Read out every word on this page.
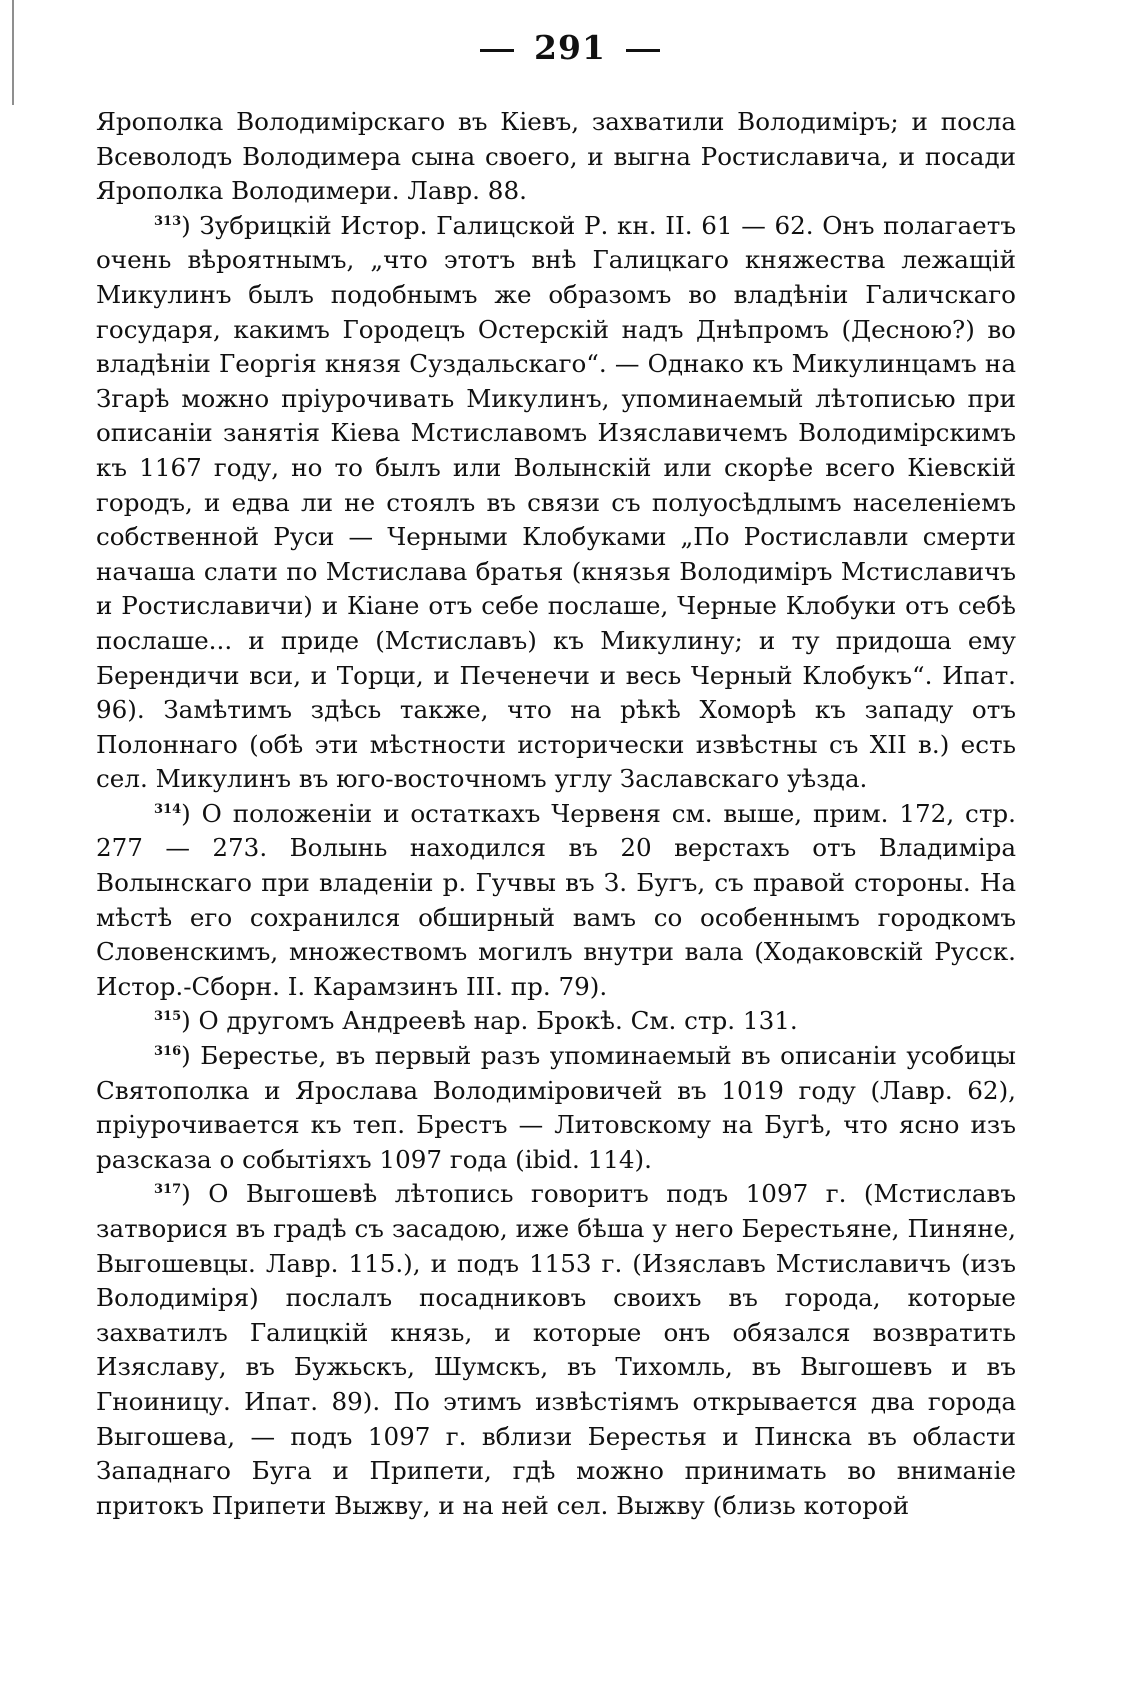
291

Ярополка Володимірскаго въ Кіевъ, захватили Володиміръ; и посла Всеволодъ Володимера сына своего, и выгна Ростиславича, и посади Ярополка Володимери. Лавр. 88.

$^{313}$) Зубрицкій Истор. Галицской Р. кн. II. 61 — 62. Онъ полагаетъ очень вѣроятнымъ, „что этотъ внѣ Галицкаго княжества лежащій Микулинъ былъ подобнымъ же образомъ во владѣніи Галичскаго государя, какимъ Городецъ Остерскій надъ Днѣпромъ (Десною?) во владѣніи Георгія князя Суздальскаго“. — Однако къ Микулинцамъ на Згарѣ можно пріурочивать Микулинъ, упоминаемый лѣтописью при описаніи занятія Кіева Мстиславомъ Изяславичемъ Володимірскимъ къ 1167 году, но то былъ или Волынскій или скорѣе всего Кіевскій городъ, и едва ли не стоялъ въ связи съ полуосѣдлымъ населеніемъ собственной Руси — Черными Клобуками „По Ростиславли смерти начаша слати по Мстислава братья (князья Володиміръ Мстиславичъ и Ростиславичи) и Кіане отъ себе послаше, Черные Клобуки отъ себѣ послаше... и приде (Мстиславъ) къ Микулину; и ту придоша ему Берендичи вси, и Торци, и Печенечи и весь Черный Клобукъ“. Ипат. 96). Замѣтимъ здѣсь также, что на рѣкѣ Хоморѣ къ западу отъ Полоннаго (обѣ эти мѣстности исторически извѣстны съ XII в.) есть сел. Микулинъ въ юго-восточномъ углу Заславскаго уѣзда.

$^{314}$) О положеніи и остаткахъ Червеня см. выше, прим. 172, стр. 277 — 273. Волынь находился въ 20 верстахъ отъ Владиміра Волынскаго при владеніи р. Гучвы въ З. Бугъ, съ правой стороны. На мѣстѣ его сохранился обширный вамъ со особеннымъ городкомъ Словенскимъ, множествомъ могилъ внутри вала (Ходаковскій Русск. Истор.-Сборн. I. Карамзинъ III. пр. 79).

$^{315}$) О другомъ Андреевѣ нар. Брокѣ. См. стр. 131.

$^{316}$) Берестье, въ первый разъ упоминаемый въ описаніи усобицы Святополка и Ярослава Володиміровичей въ 1019 году (Лавр. 62), пріурочивается къ теп. Брестъ — Литовскому на Бугѣ, что ясно изъ разсказа о событіяхъ 1097 года (ibid. 114).

$^{317}$) О Выгошевѣ лѣтопись говоритъ подъ 1097 г. (Мстиславъ затворися въ градѣ съ засадою, иже бѣша у него Берестьяне, Пиняне, Выгошевцы. Лавр. 115.), и подъ 1153 г. (Изяславъ Мстиславичъ (изъ Володиміря) послалъ посадниковъ своихъ въ города, которые захватилъ Галицкій князь, и которые онъ обязался возвратить Изяславу, въ Бужьскъ, Шумскъ, въ Тихомль, въ Выгошевъ и въ Гноиницу. Ипат. 89). По этимъ извѣстіямъ открывается два города Выгошева, — подъ 1097 г. вблизи Берестья и Пинска въ области Западнаго Буга и Припети, гдѣ можно принимать во вниманіе притокъ Припети Выжву, и на ней сел. Выжву (близь которой
